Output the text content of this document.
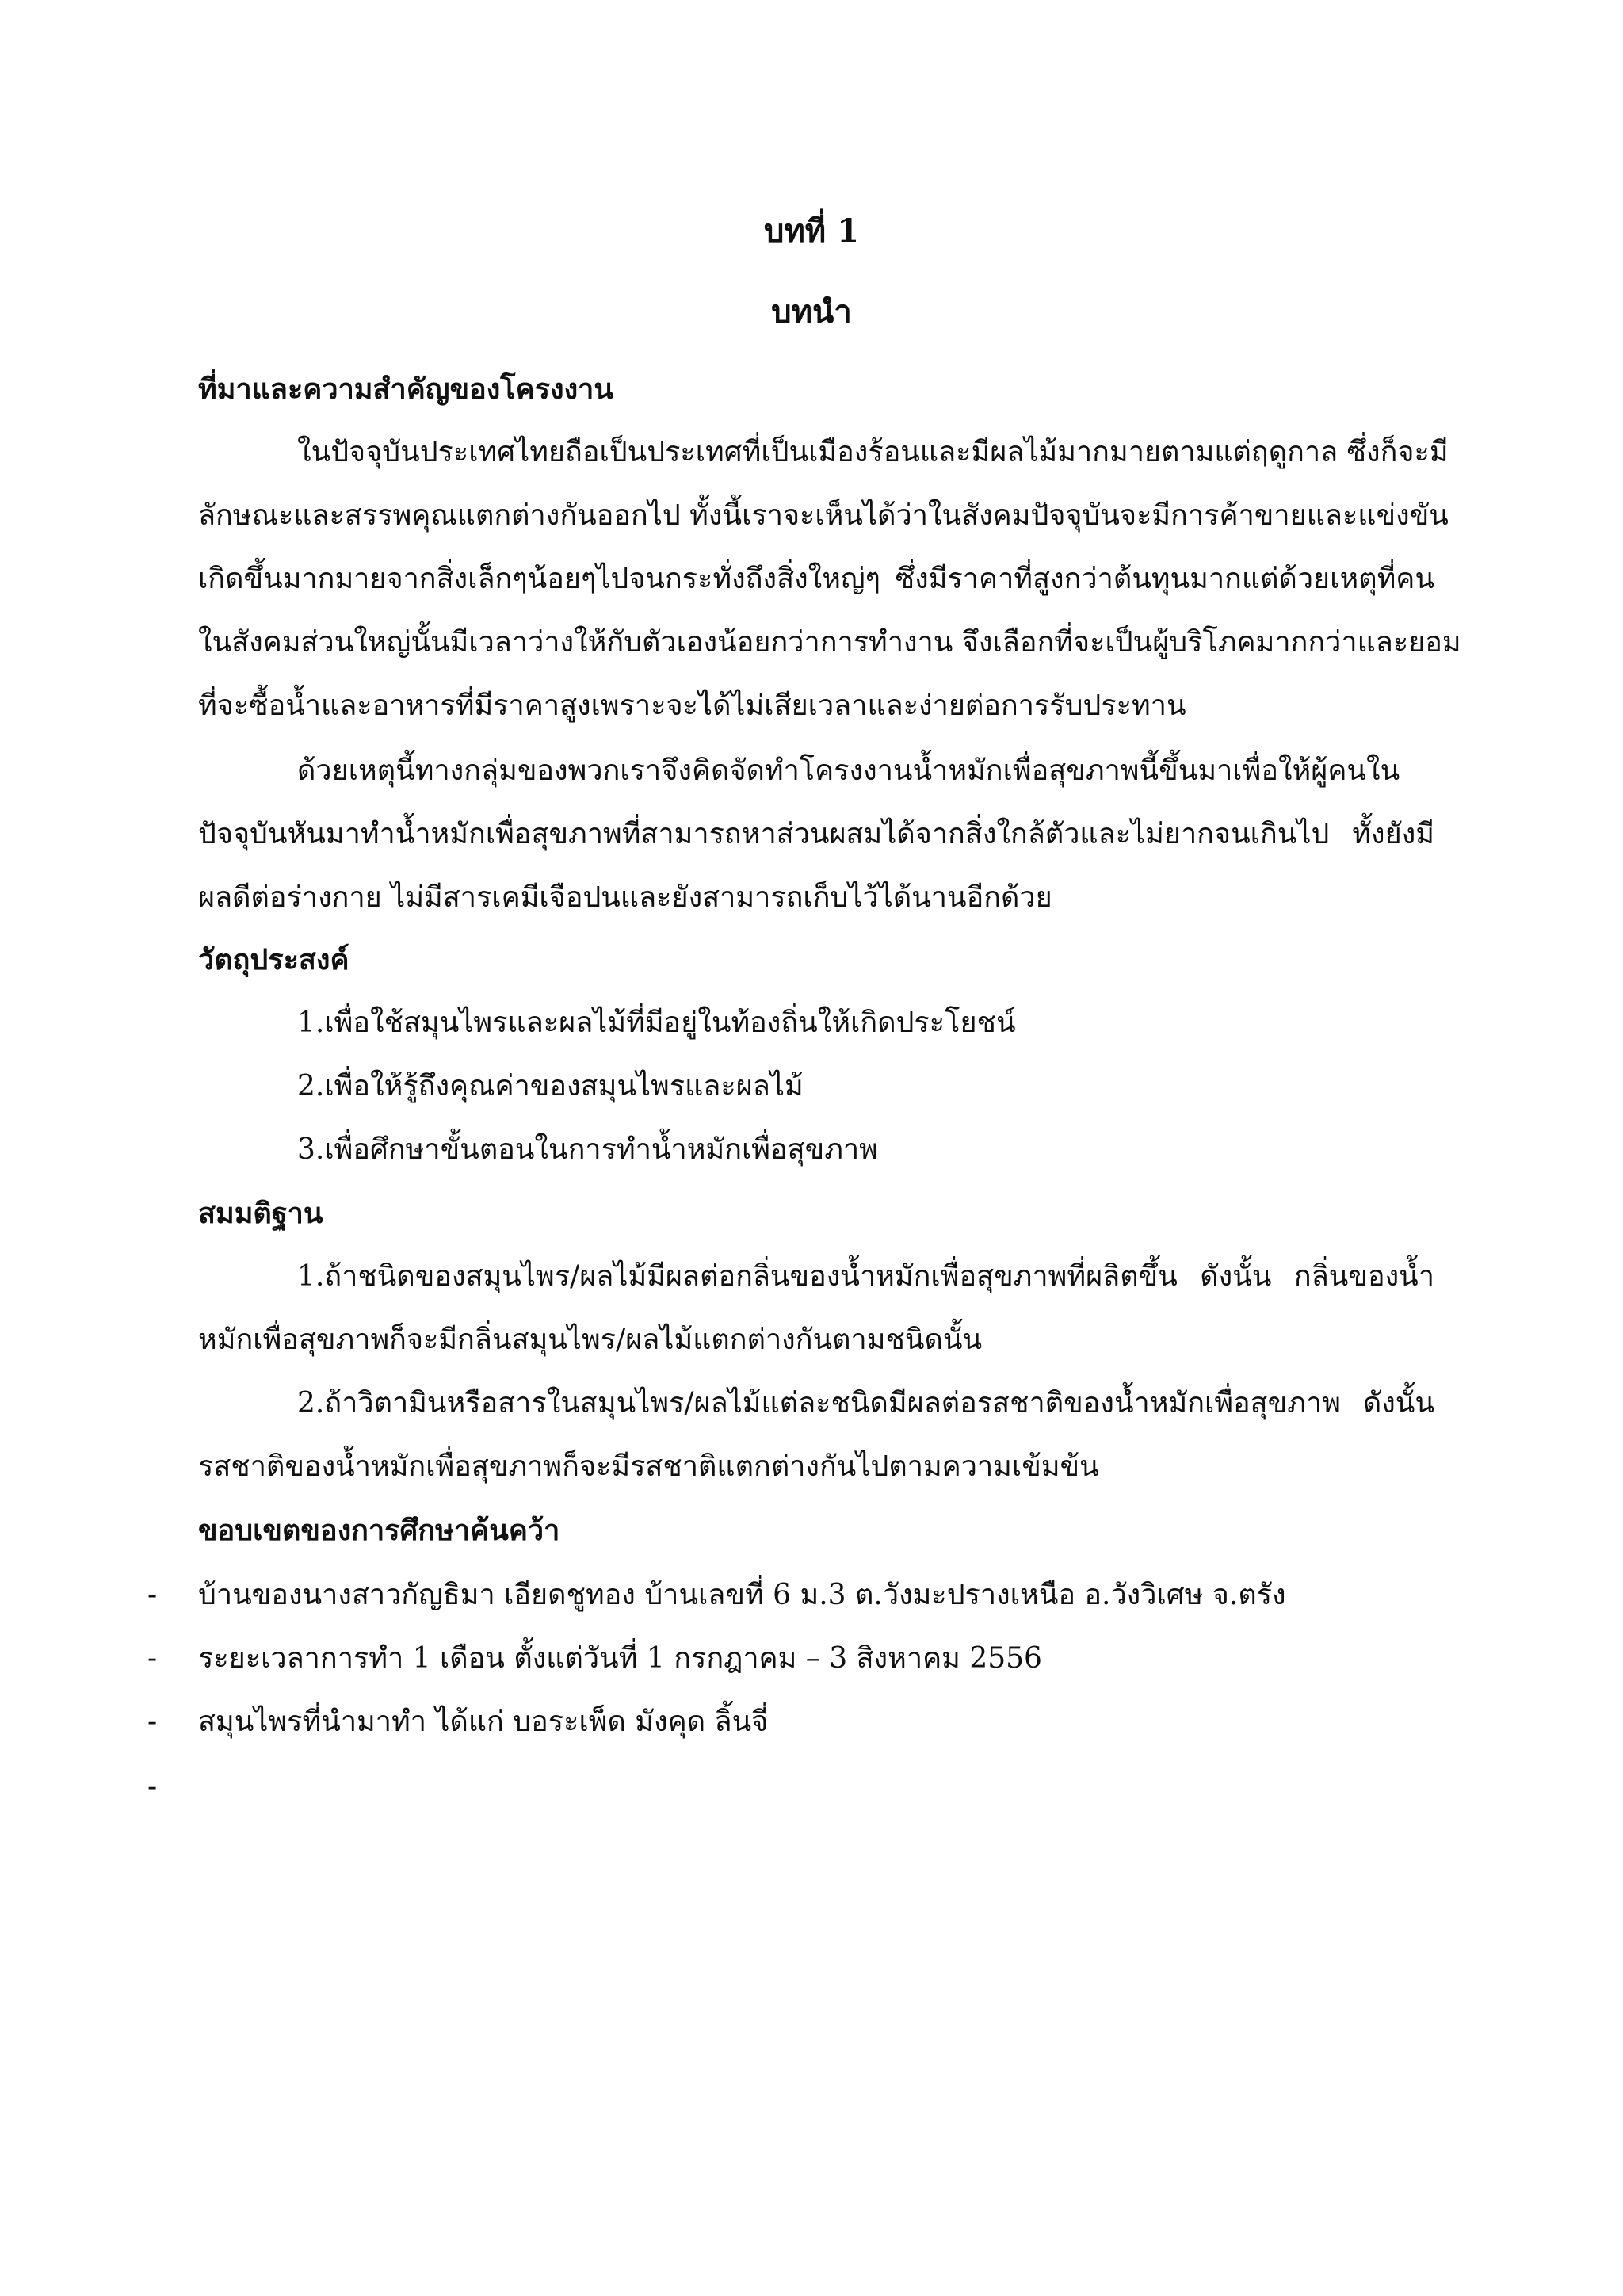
บทที่ 1
บทนำ
ที่มาและความสำคัญของโครงงาน
ในปัจจุบันประเทศไทยถือเป็นประเทศที่เป็นเมืองร้อนและมีผลไม้มากมายตามแต่ฤดูกาล ซึ่งก็จะมี
ลักษณะและสรรพคุณแตกต่างกันออกไป ทั้งนี้เราจะเห็นได้ว่าในสังคมปัจจุบันจะมีการค้าขายและแข่งขัน
เกิดขึ้นมากมายจากสิ่งเล็กๆน้อยๆไปจนกระทั่งถึงสิ่งใหญ่ๆ ซึ่งมีราคาที่สูงกว่าต้นทุนมากแต่ด้วยเหตุที่คน
ในสังคมส่วนใหญ่นั้นมีเวลาว่างให้กับตัวเองน้อยกว่าการทำงาน จึงเลือกที่จะเป็นผู้บริโภคมากกว่าและยอม
ที่จะซื้อน้ำและอาหารที่มีราคาสูงเพราะจะได้ไม่เสียเวลาและง่ายต่อการรับประทาน
ด้วยเหตุนี้ทางกลุ่มของพวกเราจึงคิดจัดทำโครงงานน้ำหมักเพื่อสุขภาพนี้ขึ้นมาเพื่อให้ผู้คนใน
ปัจจุบันหันมาทำน้ำหมักเพื่อสุขภาพที่สามารถหาส่วนผสมได้จากสิ่งใกล้ตัวและไม่ยากจนเกินไป ทั้งยังมี
ผลดีต่อร่างกาย ไม่มีสารเคมีเจือปนและยังสามารถเก็บไว้ได้นานอีกด้วย
วัตถุประสงค์
1.เพื่อใช้สมุนไพรและผลไม้ที่มีอยู่ในท้องถิ่นให้เกิดประโยชน์
2.เพื่อให้รู้ถึงคุณค่าของสมุนไพรและผลไม้
3.เพื่อศึกษาขั้นตอนในการทำน้ำหมักเพื่อสุขภาพ
สมมติฐาน
1.ถ้าชนิดของสมุนไพร/ผลไม้มีผลต่อกลิ่นของน้ำหมักเพื่อสุขภาพที่ผลิตขึ้น ดังนั้น กลิ่นของน้ำ
หมักเพื่อสุขภาพก็จะมีกลิ่นสมุนไพร/ผลไม้แตกต่างกันตามชนิดนั้น
2.ถ้าวิตามินหรือสารในสมุนไพร/ผลไม้แต่ละชนิดมีผลต่อรสชาติของน้ำหมักเพื่อสุขภาพ ดังนั้น
รสชาติของน้ำหมักเพื่อสุขภาพก็จะมีรสชาติแตกต่างกันไปตามความเข้มข้น
ขอบเขตของการศึกษาค้นคว้า
- บ้านของนางสาวกัญธิมา เอียดชูทอง บ้านเลขที่ 6 ม.3 ต.วังมะปรางเหนือ อ.วังวิเศษ จ.ตรัง
- ระยะเวลาการทำ 1 เดือน ตั้งแต่วันที่ 1 กรกฎาคม – 3 สิงหาคม 2556
- สมุนไพรที่นำมาทำ ได้แก่ บอระเพ็ด มังคุด ลิ้นจี่
-
